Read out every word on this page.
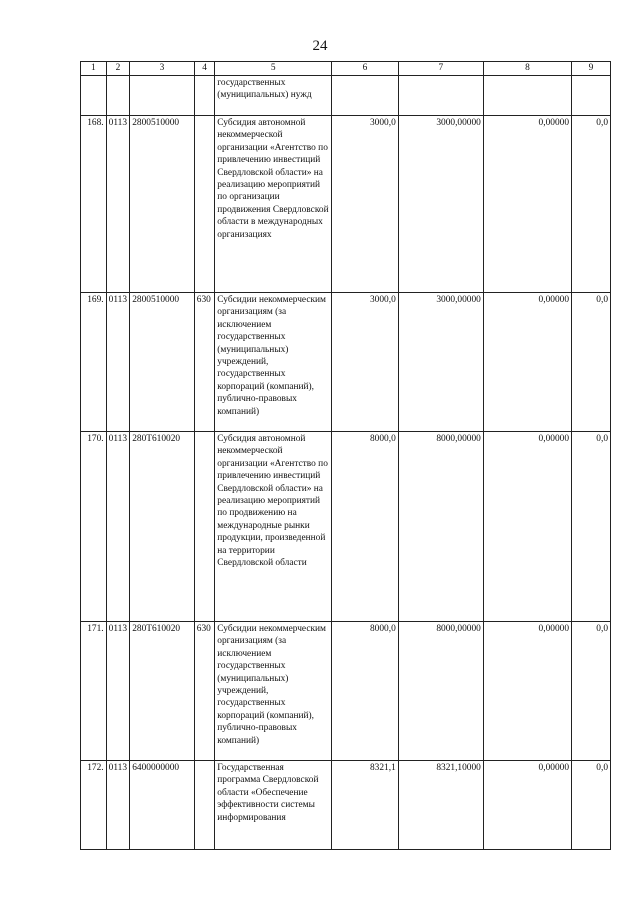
24
1	2	3	4	5	6	7	8	9
				государственных (муниципальных) нужд				
168.	0113	2800510000		Субсидия автономной некоммерческой организации «Агентство по привлечению инвестиций Свердловской области» на реализацию мероприятий по организации продвижения Свердловской области в международных организациях	3000,0	3000,00000	0,00000	0,0
169.	0113	2800510000	630	Субсидии некоммерческим организациям (за исключением государственных (муниципальных) учреждений, государственных корпораций (компаний), публично-правовых компаний)	3000,0	3000,00000	0,00000	0,0
170.	0113	280Т610020		Субсидия автономной некоммерческой организации «Агентство по привлечению инвестиций Свердловской области» на реализацию мероприятий по продвижению на международные рынки продукции, произведенной на территории Свердловской области	8000,0	8000,00000	0,00000	0,0
171.	0113	280Т610020	630	Субсидии некоммерческим организациям (за исключением государственных (муниципальных) учреждений, государственных корпораций (компаний), публично-правовых компаний)	8000,0	8000,00000	0,00000	0,0
172.	0113	6400000000		Государственная программа Свердловской области «Обеспечение эффективности системы информирования	8321,1	8321,10000	0,00000	0,0
